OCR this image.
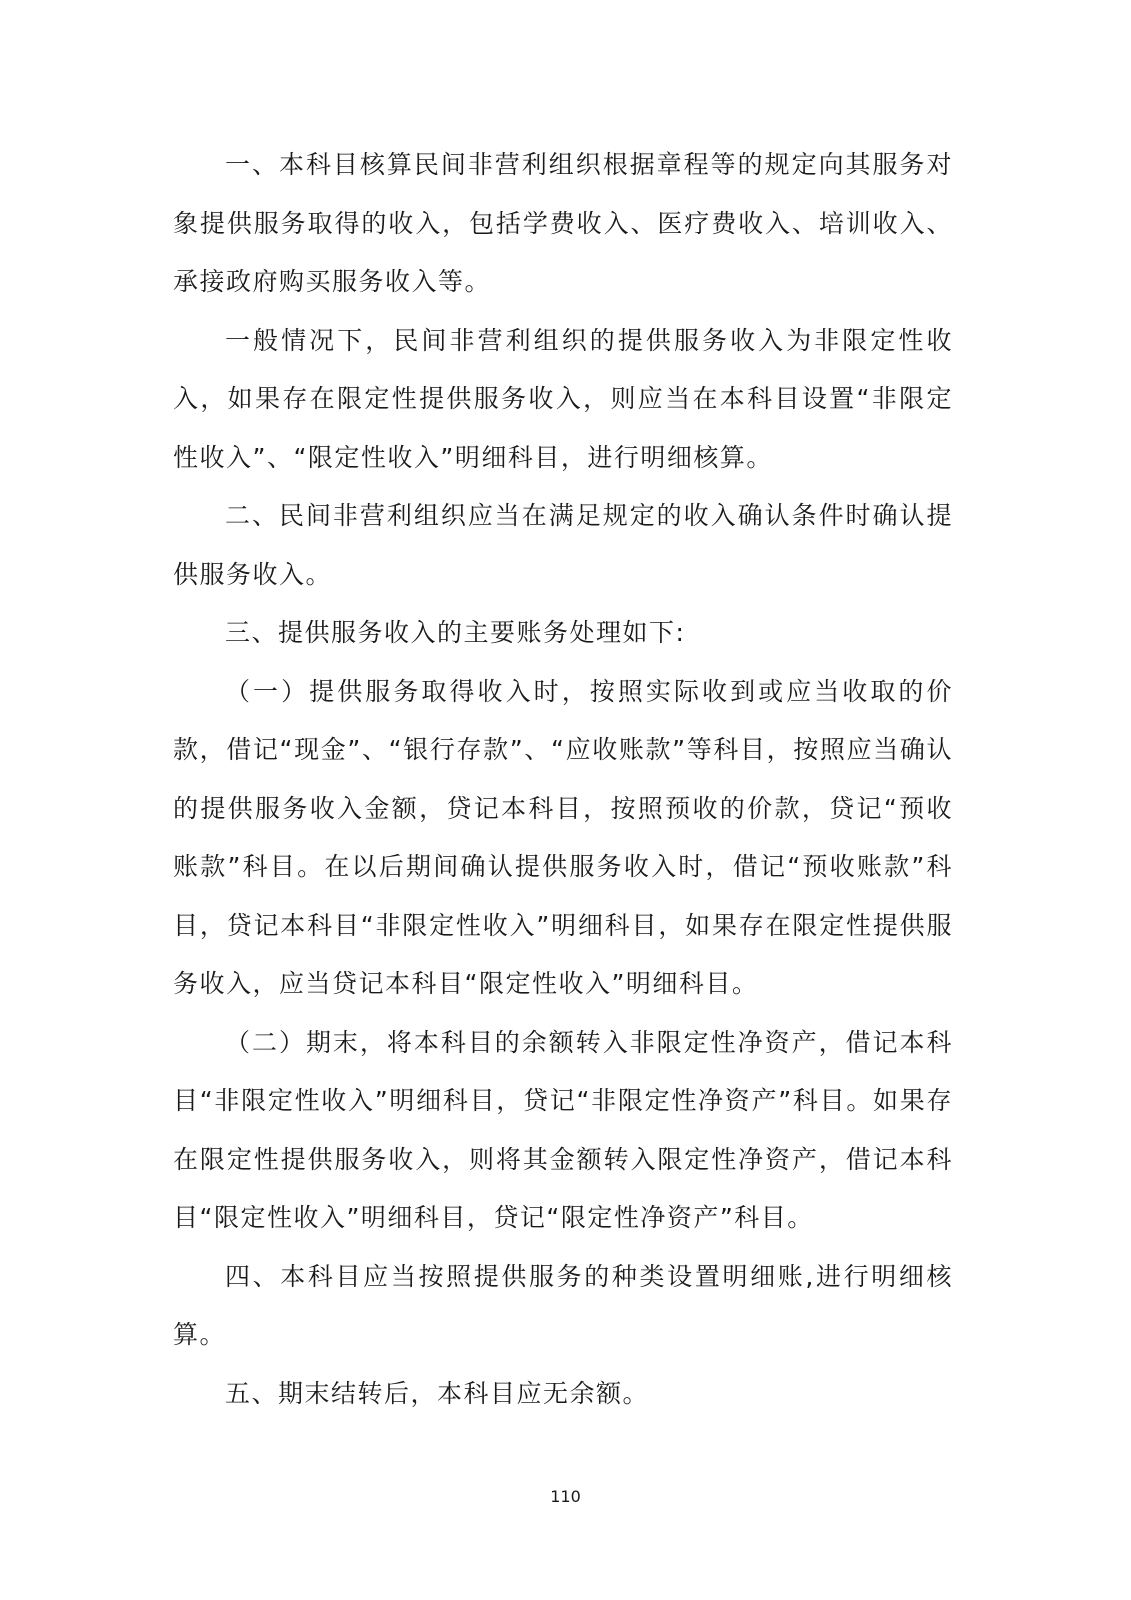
一、本科目核算民间非营利组织根据章程等的规定向其服务对象提供服务取得的收入，包括学费收入、医疗费收入、培训收入、承接政府购买服务收入等。

一般情况下，民间非营利组织的提供服务收入为非限定性收入，如果存在限定性提供服务收入，则应当在本科目设置“非限定性收入”、“限定性收入”明细科目，进行明细核算。

二、民间非营利组织应当在满足规定的收入确认条件时确认提供服务收入。

三、提供服务收入的主要账务处理如下:

（一）提供服务取得收入时，按照实际收到或应当收取的价款，借记“现金”、“银行存款”、“应收账款”等科目，按照应当确认的提供服务收入金额，贷记本科目，按照预收的价款，贷记“预收账款”科目。在以后期间确认提供服务收入时，借记“预收账款”科目，贷记本科目“非限定性收入”明细科目，如果存在限定性提供服务收入，应当贷记本科目“限定性收入”明细科目。

（二）期末，将本科目的余额转入非限定性净资产，借记本科目“非限定性收入”明细科目，贷记“非限定性净资产”科目。如果存在限定性提供服务收入，则将其金额转入限定性净资产，借记本科目“限定性收入”明细科目，贷记“限定性净资产”科目。

四、本科目应当按照提供服务的种类设置明细账,进行明细核算。

五、期末结转后，本科目应无余额。

110
